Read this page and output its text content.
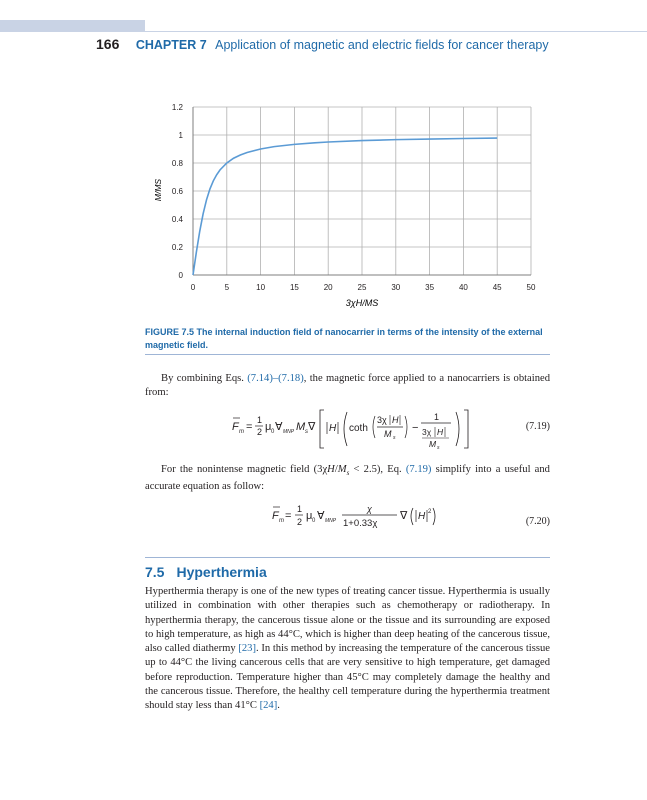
166 CHAPTER 7 Application of magnetic and electric fields for cancer therapy
0	5	10	15	20	25	30	35	40	45	50
0
0.2
0.4
0.6
0.8
1
1.2
3χH/MS
M/MS
FIGURE 7.5 The internal induction field of nanocarrier in terms of the intensity of the external magnetic field.
By combining Eqs. (7.14)–(7.18), the magnetic force applied to a nanocarriers is obtained from:
F m =
1
2 μ 0 ∀ MNP M s ∇ H coth
3χ H
M s
−
1
3χ H
M s
(7.19)
For the nonintense magnetic field $(3\chi H/M_s < 2.5)$, Eq. (7.19) simplify into a useful and accurate equation as follow:
F m =
1
2 μ 0 ∀ MNP
χ
1+0.33χ
∇ H 2
(7.20)
7.5 Hyperthermia
Hyperthermia therapy is one of the new types of treating cancer tissue. Hyperthermia is usually utilized in combination with other therapies such as chemotherapy or radiotherapy. In hyperthermia therapy, the cancerous tissue alone or the tissue and its surrounding are exposed to high temperature, as high as 44°C, which is higher than deep heating of the cancerous tissue, also called diathermy [23]. In this method by increasing the temperature of the cancerous tissue up to 44°C the living cancerous cells that are very sensitive to high temperature, get damaged before reproduction. Temperature higher than 45°C may completely damage the healthy and the cancerous tissue. Therefore, the healthy cell temperature during the hyperthermia treatment should stay less than 41°C [24].
